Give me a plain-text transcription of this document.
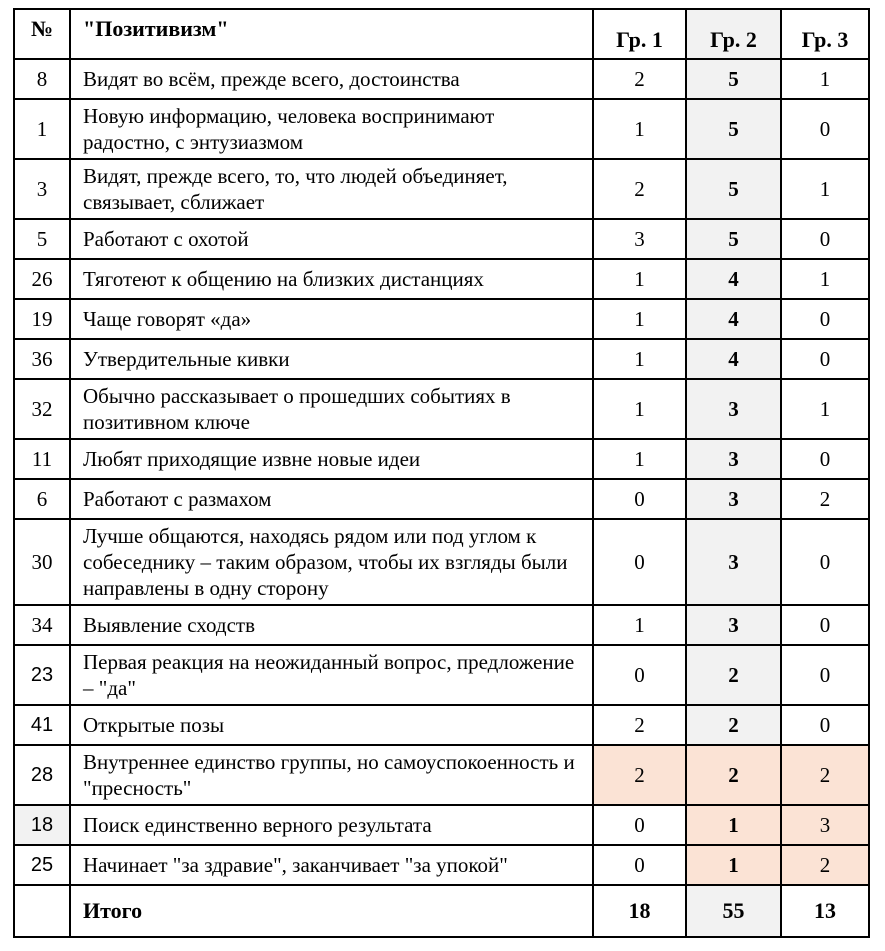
№	"Позитивизм"	Гр. 1	Гр. 2	Гр. 3
8	Видят во всём, прежде всего, достоинства	2	5	1
1	Новую информацию, человека воспринимают радостно, с энтузиазмом	1	5	0
3	Видят, прежде всего, то, что людей объединяет, связывает, сближает	2	5	1
5	Работают с охотой	3	5	0
26	Тяготеют к общению на близких дистанциях	1	4	1
19	Чаще говорят «да»	1	4	0
36	Утвердительные кивки	1	4	0
32	Обычно рассказывает о прошедших событиях в позитивном ключе	1	3	1
11	Любят приходящие извне новые идеи	1	3	0
6	Работают с размахом	0	3	2
30	Лучше общаются, находясь рядом или под углом к собеседнику – таким образом, чтобы их взгляды были направлены в одну сторону	0	3	0
34	Выявление сходств	1	3	0
23	Первая реакция на неожиданный вопрос, предложение – "да"	0	2	0
41	Открытые позы	2	2	0
28	Внутреннее единство группы, но самоуспокоенность и "пресность"	2	2	2
18	Поиск единственно верного результата	0	1	3
25	Начинает "за здравие", заканчивает "за упокой"	0	1	2
	Итого	18	55	13
